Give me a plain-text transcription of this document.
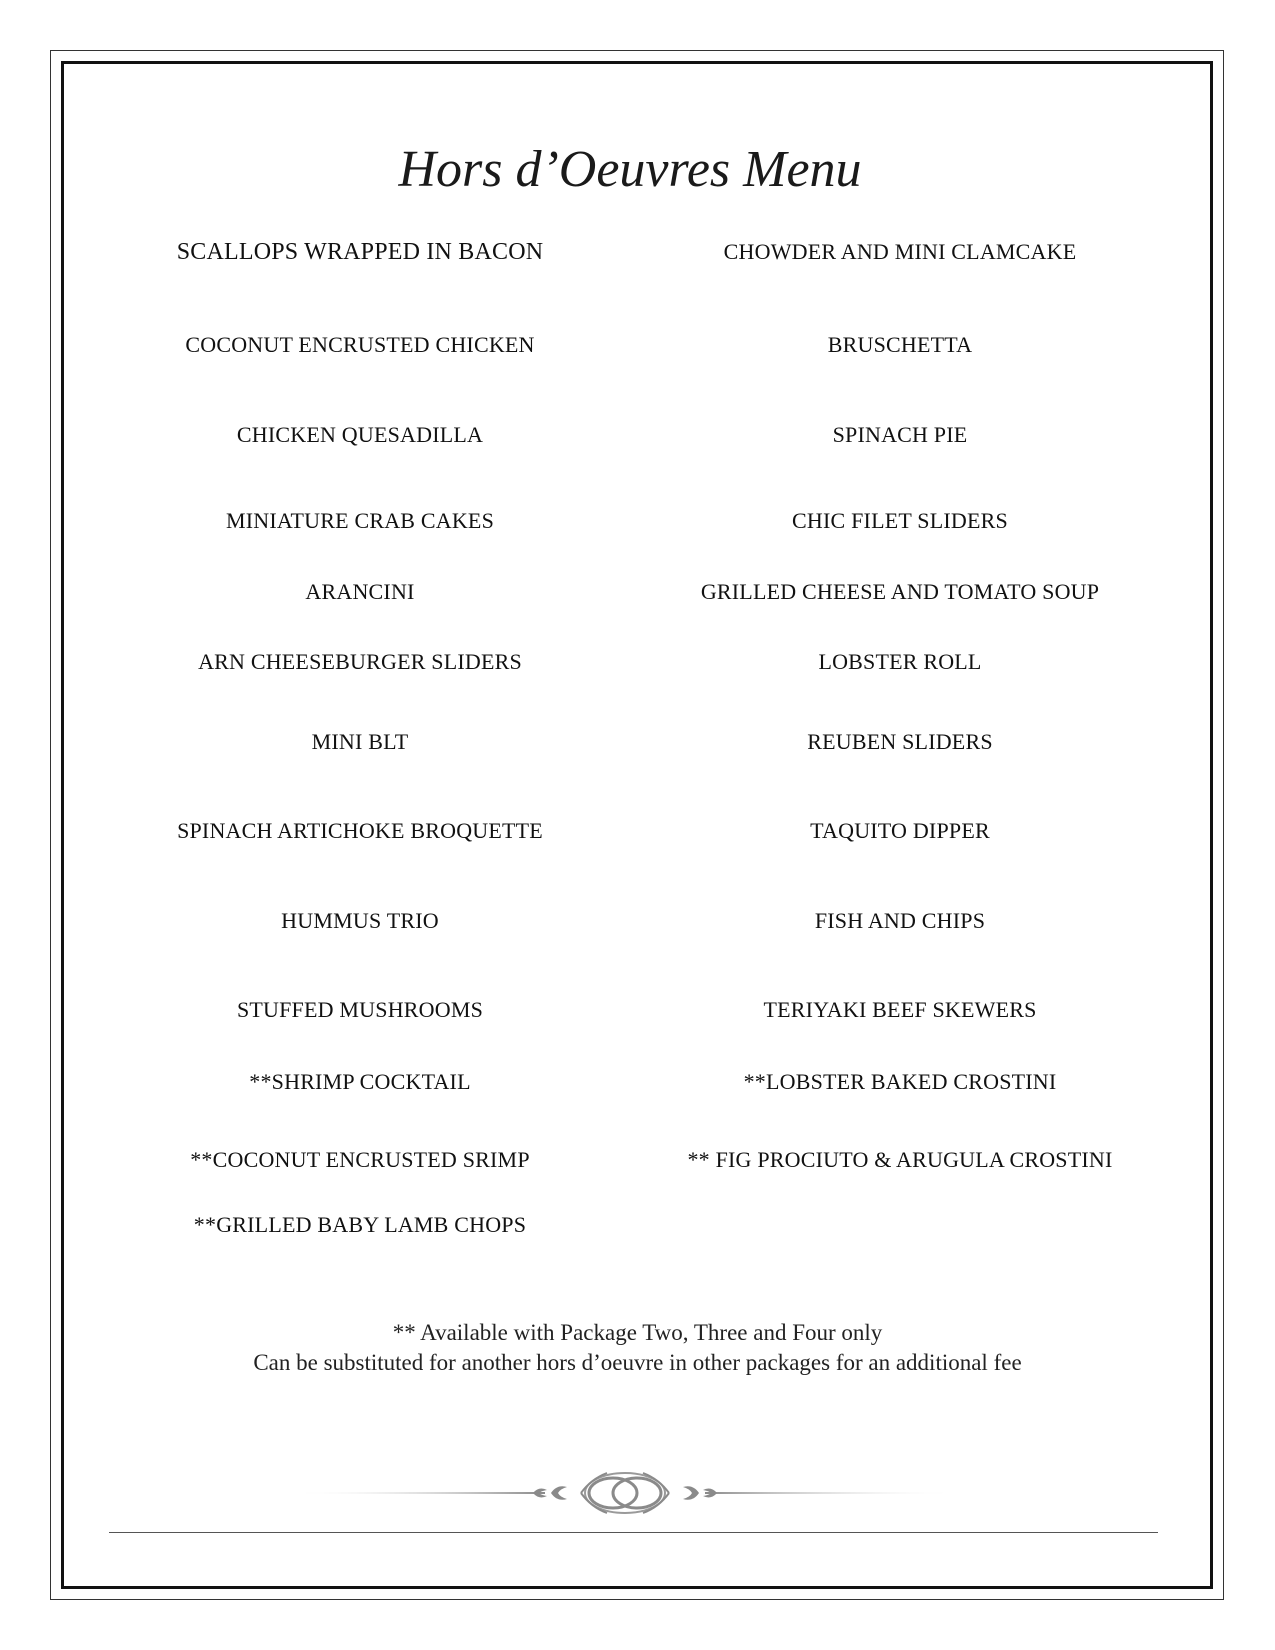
Hors d’Oeuvres Menu
SCALLOPS WRAPPED IN BACON
COCONUT ENCRUSTED CHICKEN
CHICKEN QUESADILLA
MINIATURE CRAB CAKES
ARANCINI
ARN CHEESEBURGER SLIDERS
MINI BLT
SPINACH ARTICHOKE BROQUETTE
HUMMUS TRIO
STUFFED MUSHROOMS
**SHRIMP COCKTAIL
**COCONUT ENCRUSTED SRIMP
**GRILLED BABY LAMB CHOPS
CHOWDER AND MINI CLAMCAKE
BRUSCHETTA
SPINACH PIE
CHIC FILET SLIDERS
GRILLED CHEESE AND TOMATO SOUP
LOBSTER ROLL
REUBEN SLIDERS
TAQUITO DIPPER
FISH AND CHIPS
TERIYAKI BEEF SKEWERS
**LOBSTER BAKED CROSTINI
** FIG PROCIUTO & ARUGULA CROSTINI
** Available with Package Two, Three and Four only
Can be substituted for another hors d’oeuvre in other packages for an additional fee
